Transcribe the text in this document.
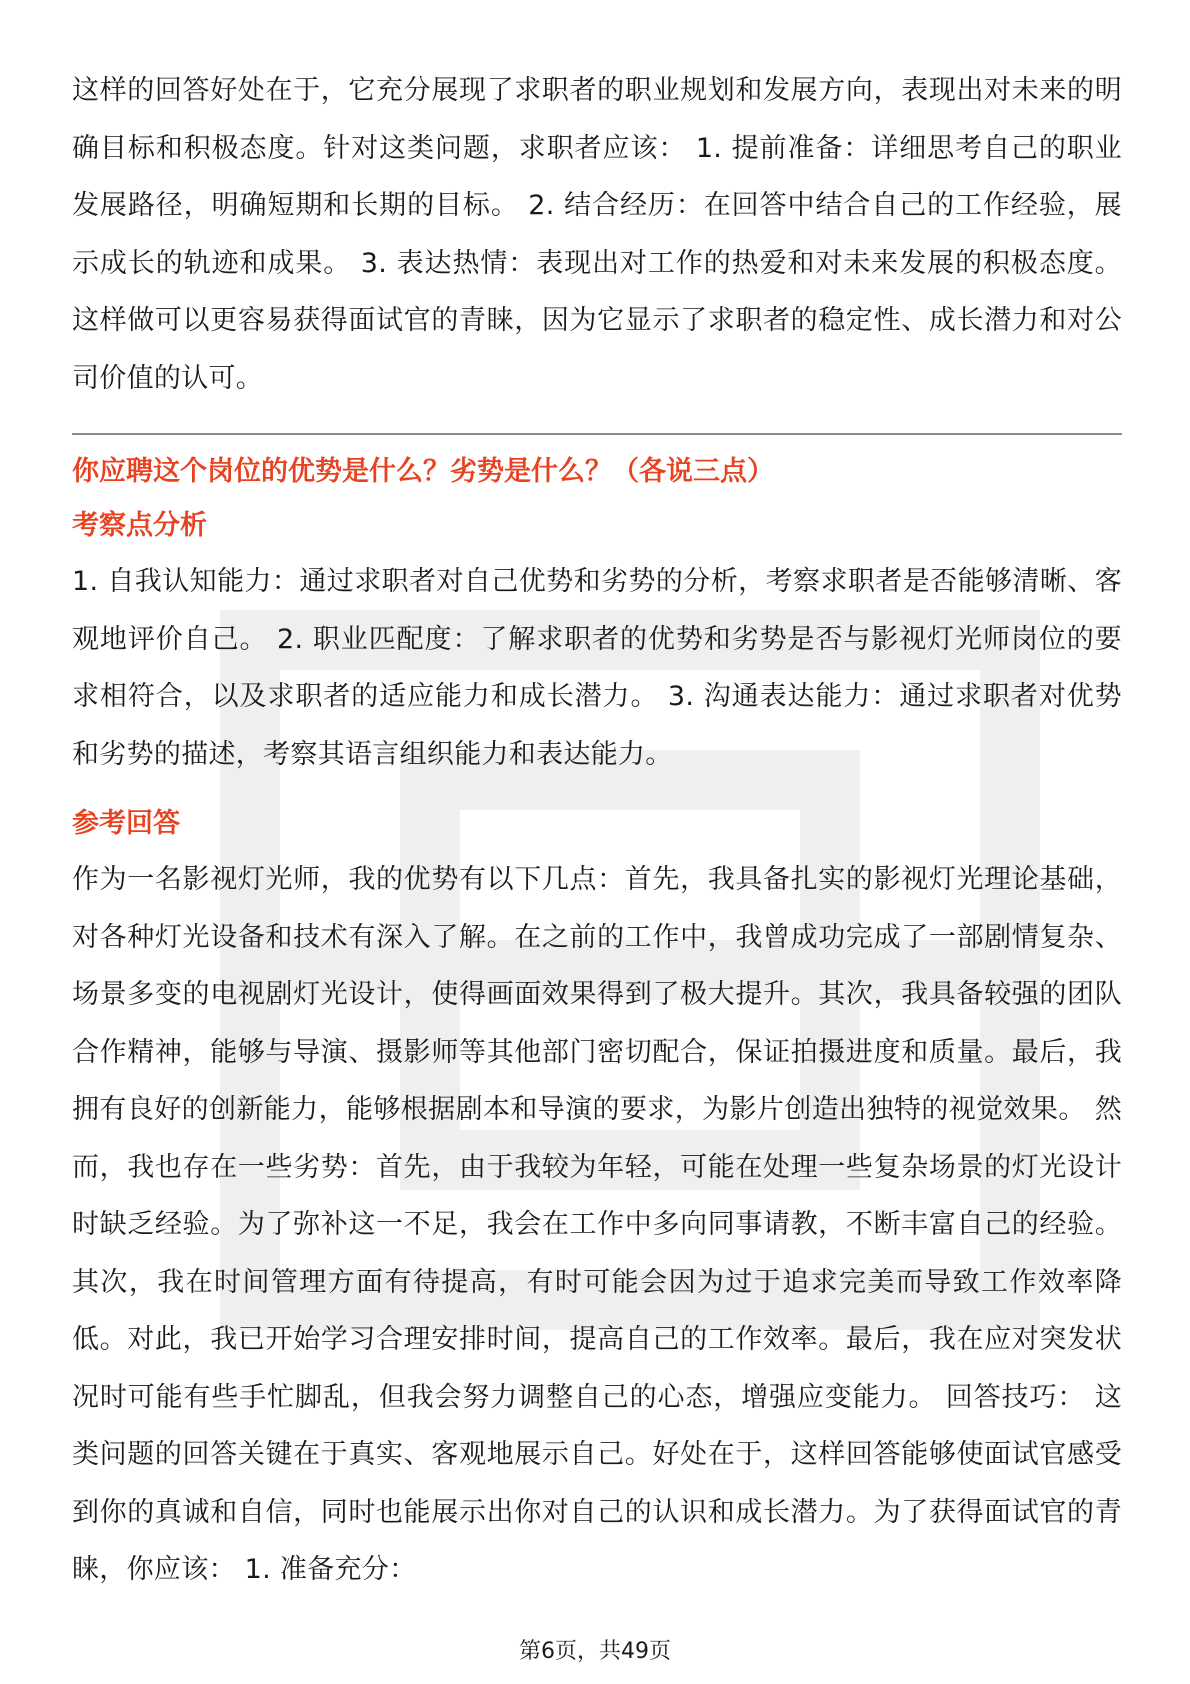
这样的回答好处在于，它充分展现了求职者的职业规划和发展方向，表现出对未来的明确目标和积极态度。针对这类问题，求职者应该： 1. 提前准备：详细思考自己的职业发展路径，明确短期和长期的目标。 2. 结合经历：在回答中结合自己的工作经验，展示成长的轨迹和成果。 3. 表达热情：表现出对工作的热爱和对未来发展的积极态度。 这样做可以更容易获得面试官的青睐，因为它显示了求职者的稳定性、成长潜力和对公司价值的认可。

你应聘这个岗位的优势是什么？劣势是什么？（各说三点）

考察点分析

1. 自我认知能力：通过求职者对自己优势和劣势的分析，考察求职者是否能够清晰、客观地评价自己。 2. 职业匹配度：了解求职者的优势和劣势是否与影视灯光师岗位的要求相符合，以及求职者的适应能力和成长潜力。 3. 沟通表达能力：通过求职者对优势和劣势的描述，考察其语言组织能力和表达能力。

参考回答

作为一名影视灯光师，我的优势有以下几点：首先，我具备扎实的影视灯光理论基础，对各种灯光设备和技术有深入了解。在之前的工作中，我曾成功完成了一部剧情复杂、场景多变的电视剧灯光设计，使得画面效果得到了极大提升。其次，我具备较强的团队合作精神，能够与导演、摄影师等其他部门密切配合，保证拍摄进度和质量。最后，我拥有良好的创新能力，能够根据剧本和导演的要求，为影片创造出独特的视觉效果。 然而，我也存在一些劣势：首先，由于我较为年轻，可能在处理一些复杂场景的灯光设计时缺乏经验。为了弥补这一不足，我会在工作中多向同事请教，不断丰富自己的经验。其次，我在时间管理方面有待提高，有时可能会因为过于追求完美而导致工作效率降低。对此，我已开始学习合理安排时间，提高自己的工作效率。最后，我在应对突发状况时可能有些手忙脚乱，但我会努力调整自己的心态，增强应变能力。 回答技巧： 这类问题的回答关键在于真实、客观地展示自己。好处在于，这样回答能够使面试官感受到你的真诚和自信，同时也能展示出你对自己的认识和成长潜力。为了获得面试官的青睐，你应该： 1. 准备充分：

第6页，共49页
